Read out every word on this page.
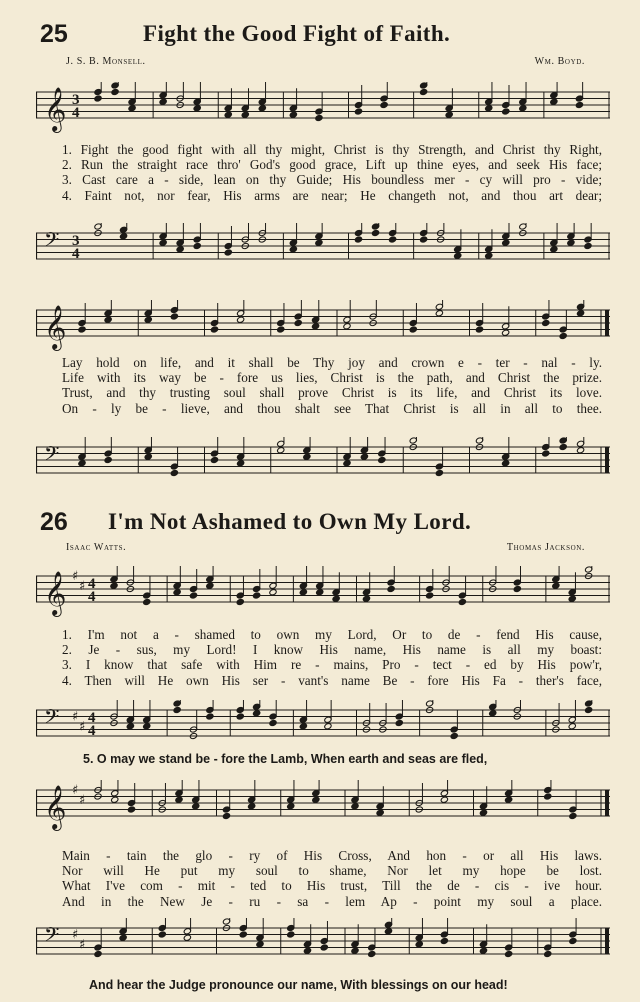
25	Fight the Good Fight of Faith.
J. S. B. Monsell.	Wm. Boyd.
𝄞 3
4
1. Fight the good fight with all thy might, Christ is thy Strength, and Christ thy Right,
2. Run the straight race thro' God's good grace, Lift up thine eyes, and seek His face;
3. Cast care a - side, lean on thy Guide; His boundless mer - cy will pro - vide;
4. Faint not, nor fear, His arms are near; He changeth not, and thou art dear;
𝄢 3
4
𝄞
Lay hold on life, and it shall be Thy joy and crown e - ter - nal - ly.
Life with its way be - fore us lies, Christ is the path, and Christ the prize.
Trust, and thy trusting soul shall prove Christ is its life, and Christ its love.
On - ly be - lieve, and thou shalt see That Christ is all in all to thee.
𝄢
26 I'm Not Ashamed to Own My Lord.
Isaac Watts.	Thomas Jackson.
𝄞 ♯
♯ 4
4
1. I'm not a - shamed to own my Lord, Or to de - fend His cause,
2. Je - sus, my Lord! I know His name, His name is all my boast:
3. I know that safe with Him re - mains, Pro - tect - ed by His pow'r,
4. Then will He own His ser - vant's name Be - fore His Fa - ther's face,
𝄢 ♯
♯
4
4
5. O may we stand be - fore the Lamb, When earth and seas are fled,
𝄞 ♯
♯
Main - tain the glo - ry of His Cross, And hon - or all His laws.
Nor will He put my soul to shame, Nor let my hope be lost.
What I've com - mit - ted to His trust, Till the de - cis - ive hour.
And in the New Je - ru - sa - lem Ap - point my soul a place.
𝄢 ♯
♯
And hear the Judge pronounce our name, With blessings on our head!
